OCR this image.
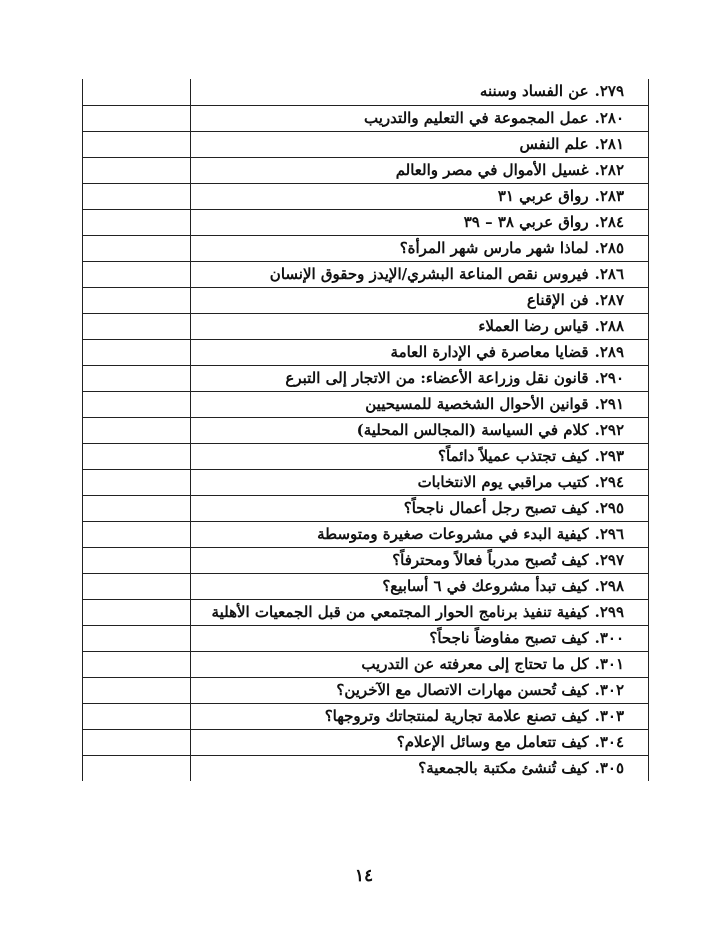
	٢٧٩.عن الفساد وسننه

	٢٨٠.عمل المجموعة في التعليم والتدريب

	٢٨١.علم النفس

	٢٨٢.غسيل الأموال في مصر والعالم

	٢٨٣.رواق عربي ٣١

	٢٨٤.رواق عربي ٣٨ – ٣٩

	٢٨٥.لماذا شهر مارس شهر المرأة؟

	٢٨٦.فيروس نقص المناعة البشري/الإيدز وحقوق الإنسان

	٢٨٧.فن الإقناع

	٢٨٨.قياس رضا العملاء

	٢٨٩.قضايا معاصرة في الإدارة العامة

	٢٩٠.قانون نقل وزراعة الأعضاء: من الاتجار إلى التبرع

	٢٩١.قوانين الأحوال الشخصية للمسيحيين

	٢٩٢.كلام في السياسة (المجالس المحلية)

	٢٩٣.كيف تجتذب عميلاً دائماً؟

	٢٩٤.كتيب مراقبي يوم الانتخابات

	٢٩٥.كيف تصبح رجل أعمال ناجحاً؟

	٢٩٦.كيفية البدء في مشروعات صغيرة ومتوسطة

	٢٩٧.كيف تُصبح مدرباً فعالاً ومحترفاً؟

	٢٩٨.كيف تبدأ مشروعك في ٦ أسابيع؟

	٢٩٩.كيفية تنفيذ برنامج الحوار المجتمعي من قبل الجمعيات الأهلية

	٣٠٠.كيف تصبح مفاوضاً ناجحاً؟

	٣٠١.كل ما تحتاج إلى معرفته عن التدريب

	٣٠٢.كيف تُحسن مهارات الاتصال مع الآخرين؟

	٣٠٣.كيف تصنع علامة تجارية لمنتجاتك وتروجها؟

	٣٠٤.كيف تتعامل مع وسائل الإعلام؟

	٣٠٥.كيف تُنشئ مكتبة بالجمعية؟
١٤
